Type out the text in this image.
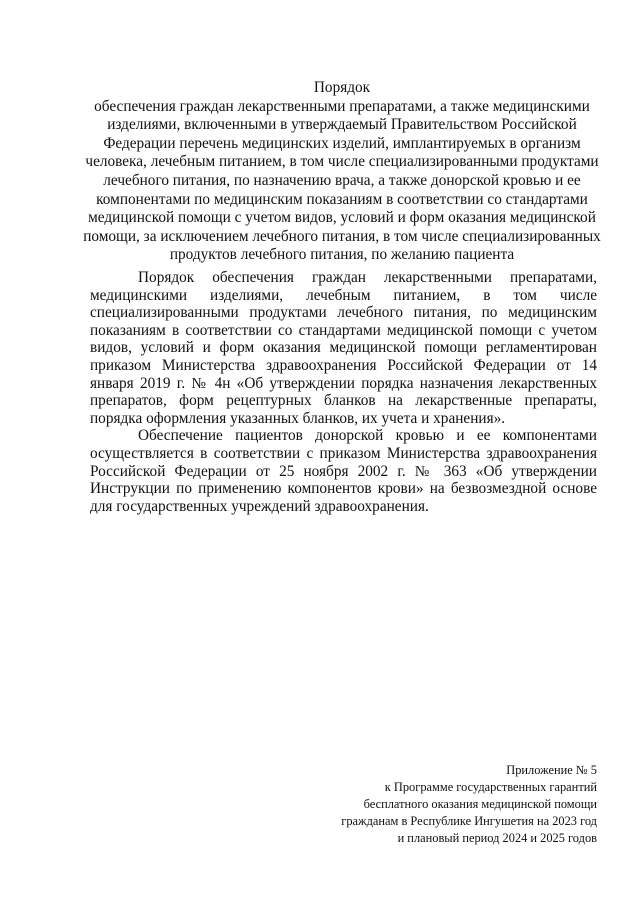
Порядок
обеспечения граждан лекарственными препаратами, а также медицинскими изделиями, включенными в утверждаемый Правительством Российской Федерации перечень медицинских изделий, имплантируемых в организм человека, лечебным питанием, в том числе специализированными продуктами лечебного питания, по назначению врача, а также донорской кровью и ее компонентами по медицинским показаниям в соответствии со стандартами медицинской помощи с учетом видов, условий и форм оказания медицинской помощи, за исключением лечебного питания, в том числе специализированных продуктов лечебного питания, по желанию пациента

Порядок обеспечения граждан лекарственными препаратами, медицинскими изделиями, лечебным питанием, в том числе специализированными продуктами лечебного питания, по медицинским показаниям в соответствии со стандартами медицинской помощи с учетом видов, условий и форм оказания медицинской помощи регламентирован приказом Министерства здравоохранения Российской Федерации от 14 января 2019 г. № 4н «Об утверждении порядка назначения лекарственных препаратов, форм рецептурных бланков на лекарственные препараты, порядка оформления указанных бланков, их учета и хранения».

Обеспечение пациентов донорской кровью и ее компонентами осуществляется в соответствии с приказом Министерства здравоохранения Российской Федерации от 25 ноября 2002 г. № 363 «Об утверждении Инструкции по применению компонентов крови» на безвозмездной основе для государственных учреждений здравоохранения.

Приложение № 5
к Программе государственных гарантий
бесплатного оказания медицинской помощи
гражданам в Республике Ингушетия на 2023 год
и плановый период 2024 и 2025 годов
